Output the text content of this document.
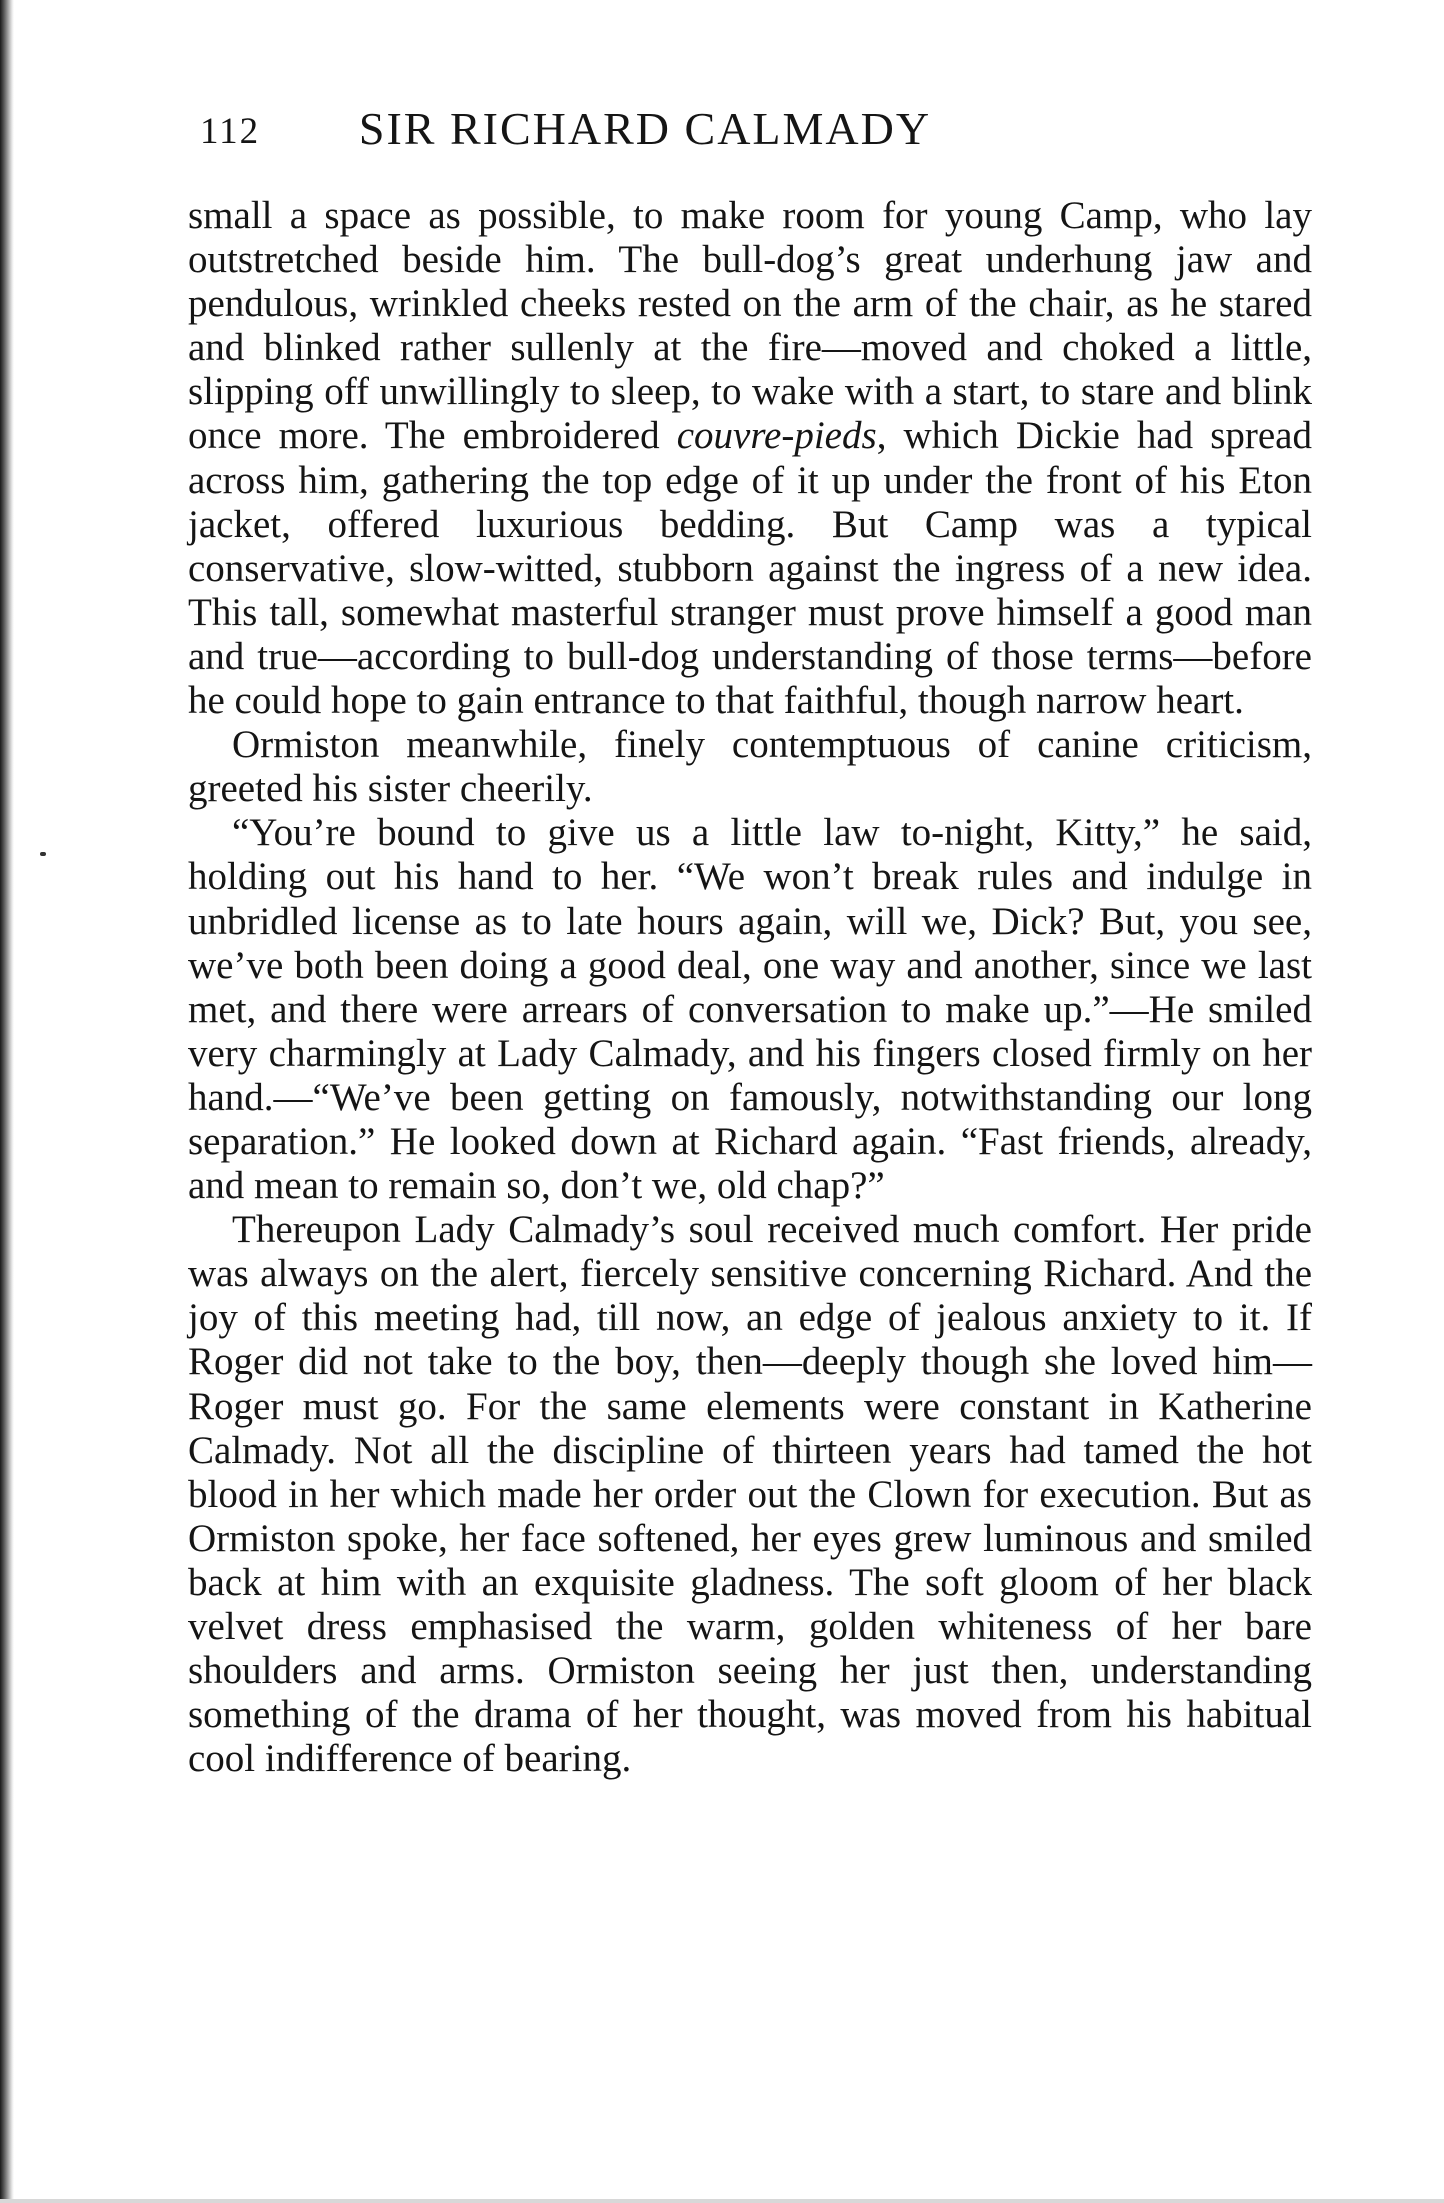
112	SIR RICHARD CALMADY

small a space as possible, to make room for young Camp, who lay outstretched beside him. The bull-dog’s great underhung jaw and pendulous, wrinkled cheeks rested on the arm of the chair, as he stared and blinked rather sullenly at the fire—moved and choked a little, slipping off unwillingly to sleep, to wake with a start, to stare and blink once more. The embroidered couvre-pieds, which Dickie had spread across him, gathering the top edge of it up under the front of his Eton jacket, offered luxurious bedding. But Camp was a typical conservative, slow-witted, stubborn against the ingress of a new idea. This tall, somewhat masterful stranger must prove himself a good man and true—according to bull-dog understanding of those terms—before he could hope to gain entrance to that faithful, though narrow heart.

Ormiston meanwhile, finely contemptuous of canine criticism, greeted his sister cheerily.

“You’re bound to give us a little law to-night, Kitty,” he said, holding out his hand to her. “We won’t break rules and indulge in unbridled license as to late hours again, will we, Dick? But, you see, we’ve both been doing a good deal, one way and another, since we last met, and there were arrears of conversation to make up.”—He smiled very charmingly at Lady Calmady, and his fingers closed firmly on her hand.—“We’ve been getting on famously, notwithstanding our long separation.” He looked down at Richard again. “Fast friends, already, and mean to remain so, don’t we, old chap?”

Thereupon Lady Calmady’s soul received much comfort. Her pride was always on the alert, fiercely sensitive concerning Richard. And the joy of this meeting had, till now, an edge of jealous anxiety to it. If Roger did not take to the boy, then—deeply though she loved him—Roger must go. For the same elements were constant in Katherine Calmady. Not all the discipline of thirteen years had tamed the hot blood in her which made her order out the Clown for execution. But as Ormiston spoke, her face softened, her eyes grew luminous and smiled back at him with an exquisite gladness. The soft gloom of her black velvet dress emphasised the warm, golden whiteness of her bare shoulders and arms. Ormiston seeing her just then, understanding something of the drama of her thought, was moved from his habitual cool indifference of bearing.
